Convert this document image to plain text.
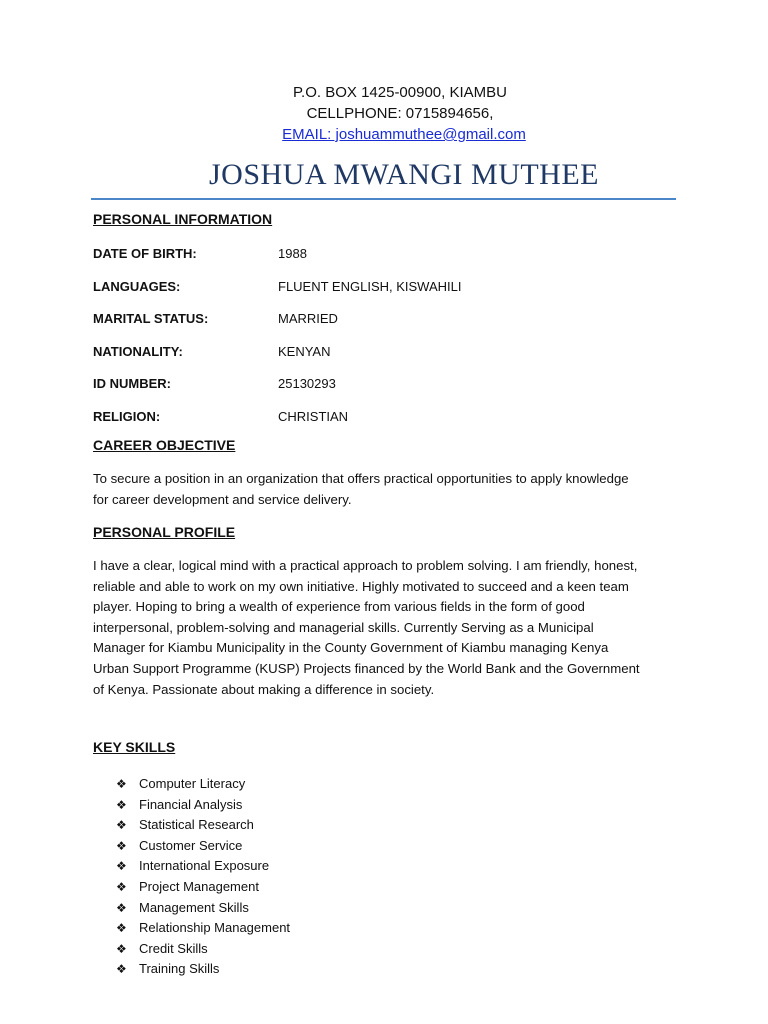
P.O. BOX 1425-00900, KIAMBU
CELLPHONE: 0715894656,
EMAIL: joshuammuthee@gmail.com
JOSHUA MWANGI MUTHEE
PERSONAL INFORMATION
DATE OF BIRTH:	1988
LANGUAGES:	FLUENT ENGLISH, KISWAHILI
MARITAL STATUS:	MARRIED
NATIONALITY:	KENYAN
ID NUMBER:	25130293
RELIGION:	CHRISTIAN
CAREER OBJECTIVE
To secure a position in an organization that offers practical opportunities to apply knowledge for career development and service delivery.
PERSONAL PROFILE
I have a clear, logical mind with a practical approach to problem solving. I am friendly, honest, reliable and able to work on my own initiative. Highly motivated to succeed and a keen team player. Hoping to bring a wealth of experience from various fields in the form of good interpersonal, problem-solving and managerial skills. Currently Serving as a Municipal Manager for Kiambu Municipality in the County Government of Kiambu managing Kenya Urban Support Programme (KUSP) Projects financed by the World Bank and the Government of Kenya. Passionate about making a difference in society.
KEY SKILLS
❖ Computer Literacy
❖ Financial Analysis
❖ Statistical Research
❖ Customer Service
❖ International Exposure
❖ Project Management
❖ Management Skills
❖ Relationship Management
❖ Credit Skills
❖ Training Skills
